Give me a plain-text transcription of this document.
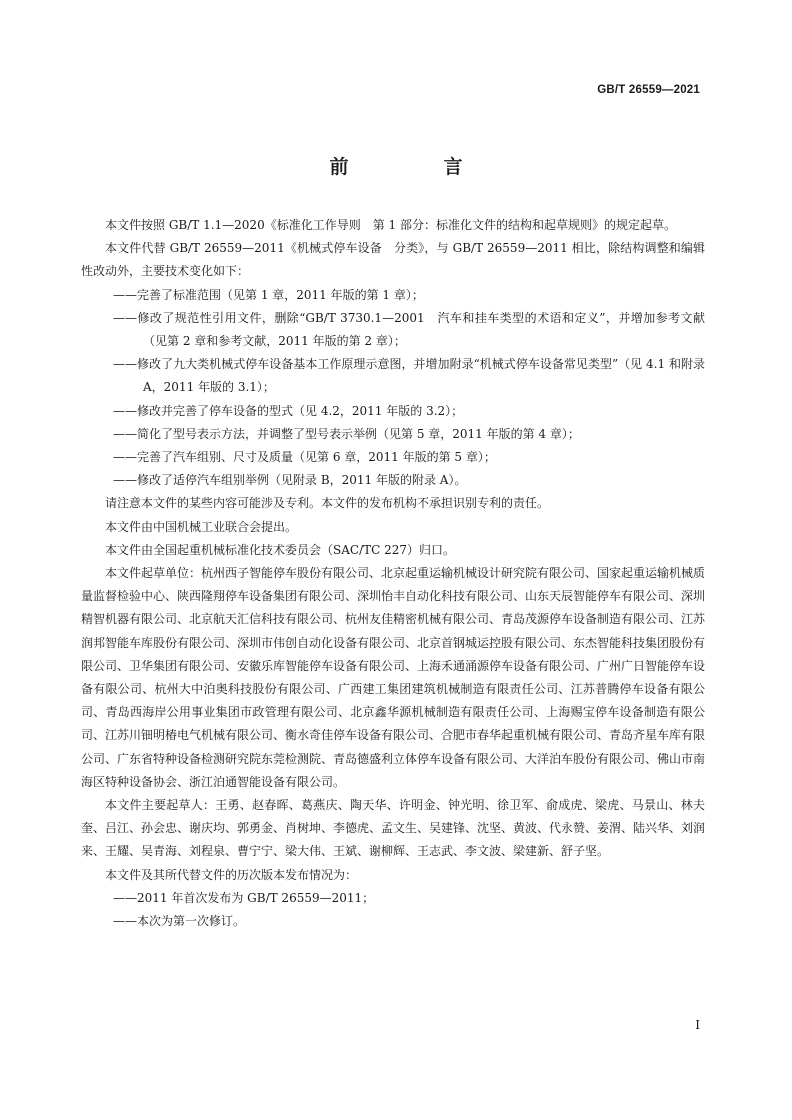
GB/T 26559—2021
前　言

本文件按照 GB/T 1.1—2020《标准化工作导则　第 1 部分：标准化文件的结构和起草规则》的规定起草。

本文件代替 GB/T 26559—2011《机械式停车设备　分类》，与 GB/T 26559—2011 相比，除结构调整和编辑性改动外，主要技术变化如下：

——完善了标准范围（见第 1 章，2011 年版的第 1 章）；

——修改了规范性引用文件，删除“GB/T 3730.1—2001　汽车和挂车类型的术语和定义”，并增加参考文献（见第 2 章和参考文献，2011 年版的第 2 章）；

——修改了九大类机械式停车设备基本工作原理示意图，并增加附录“机械式停车设备常见类型”（见 4.1 和附录 A，2011 年版的 3.1）；

——修改并完善了停车设备的型式（见 4.2，2011 年版的 3.2）；

——简化了型号表示方法，并调整了型号表示举例（见第 5 章，2011 年版的第 4 章）；

——完善了汽车组别、尺寸及质量（见第 6 章，2011 年版的第 5 章）；

——修改了适停汽车组别举例（见附录 B，2011 年版的附录 A）。

请注意本文件的某些内容可能涉及专利。本文件的发布机构不承担识别专利的责任。

本文件由中国机械工业联合会提出。

本文件由全国起重机械标准化技术委员会（SAC/TC 227）归口。

本文件起草单位：杭州西子智能停车股份有限公司、北京起重运输机械设计研究院有限公司、国家起重运输机械质量监督检验中心、陕西隆翔停车设备集团有限公司、深圳怡丰自动化科技有限公司、山东天辰智能停车有限公司、深圳精智机器有限公司、北京航天汇信科技有限公司、杭州友佳精密机械有限公司、青岛茂源停车设备制造有限公司、江苏润邦智能车库股份有限公司、深圳市伟创自动化设备有限公司、北京首钢城运控股有限公司、东杰智能科技集团股份有限公司、卫华集团有限公司、安徽乐库智能停车设备有限公司、上海禾通涌源停车设备有限公司、广州广日智能停车设备有限公司、杭州大中泊奥科技股份有限公司、广西建工集团建筑机械制造有限责任公司、江苏普腾停车设备有限公司、青岛西海岸公用事业集团市政管理有限公司、北京鑫华源机械制造有限责任公司、上海赐宝停车设备制造有限公司、江苏川钿明椿电气机械有限公司、衡水奇佳停车设备有限公司、合肥市春华起重机械有限公司、青岛齐星车库有限公司、广东省特种设备检测研究院东莞检测院、青岛德盛利立体停车设备有限公司、大洋泊车股份有限公司、佛山市南海区特种设备协会、浙江泊通智能设备有限公司。

本文件主要起草人：王勇、赵春晖、葛燕庆、陶天华、许明金、钟光明、徐卫军、俞成虎、梁虎、马景山、林夫奎、吕江、孙会忠、谢庆均、郭勇金、肖树坤、李德虎、孟文生、吴建锋、沈坚、黄波、代永赞、姜渭、陆兴华、刘润来、王耀、吴青海、刘程泉、曹宁宁、梁大伟、王斌、谢柳辉、王志武、李文波、梁建新、舒子坚。

本文件及其所代替文件的历次版本发布情况为：

——2011 年首次发布为 GB/T 26559—2011；

——本次为第一次修订。

I
